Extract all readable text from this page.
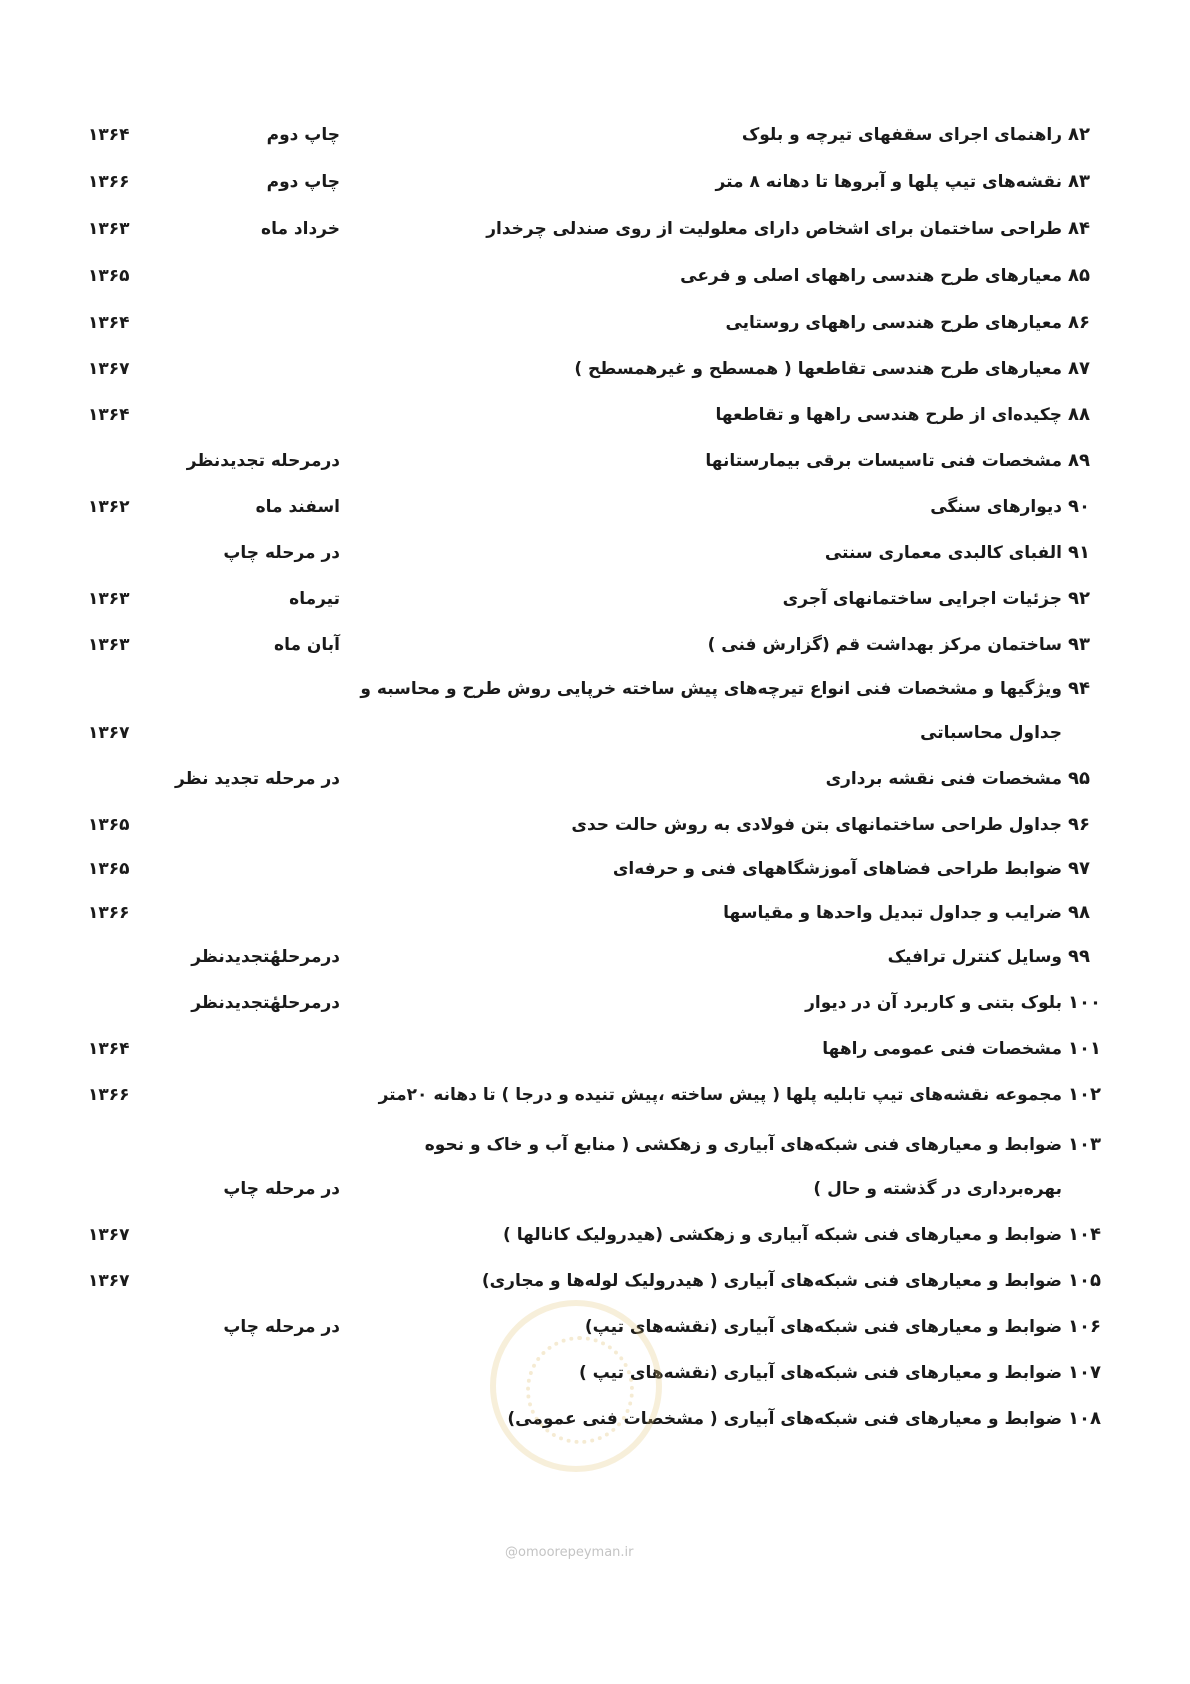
۸۲
راهنمای اجرای سقفهای تیرچه و بلوک
چاپ دوم
۱۳۶۴
۸۳
نقشه‌های تیپ پلها و آبروها تا دهانه ۸ متر
چاپ دوم
۱۳۶۶
۸۴
طراحی ساختمان برای اشخاص دارای معلولیت از روی صندلی چرخدار
خرداد ماه
۱۳۶۳
۸۵
معیارهای طرح هندسی راههای اصلی و فرعی
۱۳۶۵
۸۶
معیارهای طرح هندسی راههای روستایی
۱۳۶۴
۸۷
معیارهای طرح هندسی تقاطعها ( همسطح و غیرهمسطح )
۱۳۶۷
۸۸
چکیده‌ای از طرح هندسی راهها و تقاطعها
۱۳۶۴
۸۹
مشخصات فنی تاسیسات برقی بیمارستانها
درمرحله تجدیدنظر
۹۰
دیوارهای سنگی
اسفند ماه
۱۳۶۲
۹۱
الفبای کالبدی معماری سنتی
در مرحله چاپ
۹۲
جزئیات اجرایی ساختمانهای آجری
تیرماه
۱۳۶۳
۹۳
ساختمان مرکز بهداشت قم (گزارش فنی )
آبان ماه
۱۳۶۳
۹۴
ویژگیها و مشخصات فنی انواع تیرچه‌های پیش ساخته خرپایی روش طرح و محاسبه و
جداول محاسباتی
۱۳۶۷
۹۵
مشخصات فنی نقشه برداری
در مرحله تجدید نظر
۹۶
جداول طراحی ساختمانهای بتن فولادی به روش حالت حدی
۱۳۶۵
۹۷
ضوابط طراحی فضاهای آموزشگاههای فنی و حرفه‌ای
۱۳۶۵
۹۸
ضرایب و جداول تبدیل واحدها و مقیاسها
۱۳۶۶
۹۹
وسایل کنترل ترافیک
درمرحلهٔتجدیدنظر
۱۰۰
بلوک بتنی و کاربرد آن در دیوار
درمرحلهٔتجدیدنظر
۱۰۱
مشخصات فنی عمومی راهها
۱۳۶۴
۱۰۲
مجموعه نقشه‌های تیپ تابلیه پلها ( پیش ساخته ،پیش تنیده و درجا ) تا دهانه ۲۰متر
۱۳۶۶
۱۰۳
ضوابط و معیارهای فنی شبکه‌های آبیاری و زهکشی ( منابع آب و خاک و نحوه
بهره‌برداری در گذشته و حال )
در مرحله چاپ
۱۰۴
ضوابط و معیارهای فنی شبکه آبیاری و زهکشی (هیدرولیک کانالها )
۱۳۶۷
۱۰۵
ضوابط و معیارهای فنی شبکه‌های آبیاری ( هیدرولیک لوله‌ها و مجاری)
۱۳۶۷
۱۰۶
ضوابط و معیارهای فنی شبکه‌های آبیاری (نقشه‌های تیپ)
در مرحله چاپ
۱۰۷
ضوابط و معیارهای فنی شبکه‌های آبیاری (نقشه‌های تیپ )
۱۰۸
ضوابط و معیارهای فنی شبکه‌های آبیاری ( مشخصات فنی عمومی)
@omoorepeyman.ir
